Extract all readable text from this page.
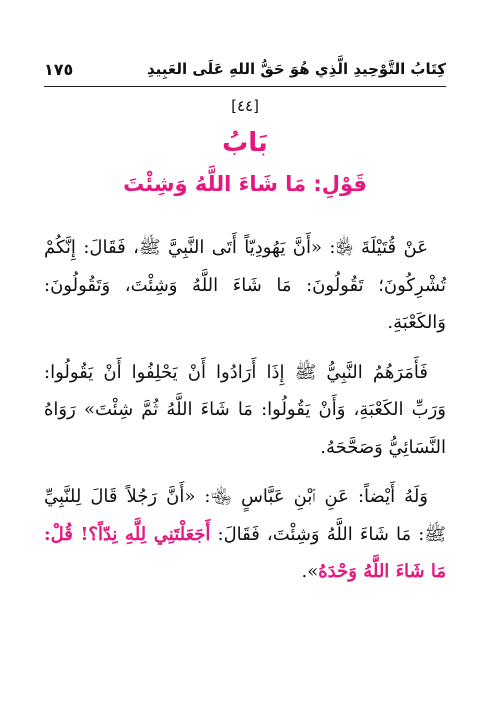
كِتَابُ التَّوْحِيدِ الَّذِي هُوَ حَقُّ اللهِ عَلَى العَبِيدِ
١٧٥
[٤٤]
بَابُ
قَوْلِ: مَا شَاءَ اللَّهُ وَشِئْتَ

عَنْ قُتَيْلَةَ ﵂: «أَنَّ يَهُودِيّاً أَتَى النَّبِيَّ ﷺ، فَقَالَ: إِنَّكُمْ تُشْرِكُونَ؛ تَقُولُونَ: مَا شَاءَ اللَّهُ وَشِئْتَ، وَتَقُولُونَ: وَالكَعْبَةِ.

فَأَمَرَهُمُ النَّبِيُّ ﷺ إِذَا أَرَادُوا أَنْ يَحْلِفُوا أَنْ يَقُولُوا: وَرَبِّ الكَعْبَةِ، وَأَنْ يَقُولُوا: مَا شَاءَ اللَّهُ ثُمَّ شِئْتَ» رَوَاهُ النَّسَائِيُّ وَصَحَّحَهُ.

وَلَهُ أَيْضاً: عَنِ ٱبْنِ عَبَّاسٍ ﵄: «أَنَّ رَجُلاً قَالَ لِلنَّبِيِّ ﷺ: مَا شَاءَ اللَّهُ وَشِئْتَ، فَقَالَ: أَجَعَلْتَنِي لِلَّهِ نِدّاً؟! قُلْ: مَا شَاءَ اللَّهُ وَحْدَهُ».
